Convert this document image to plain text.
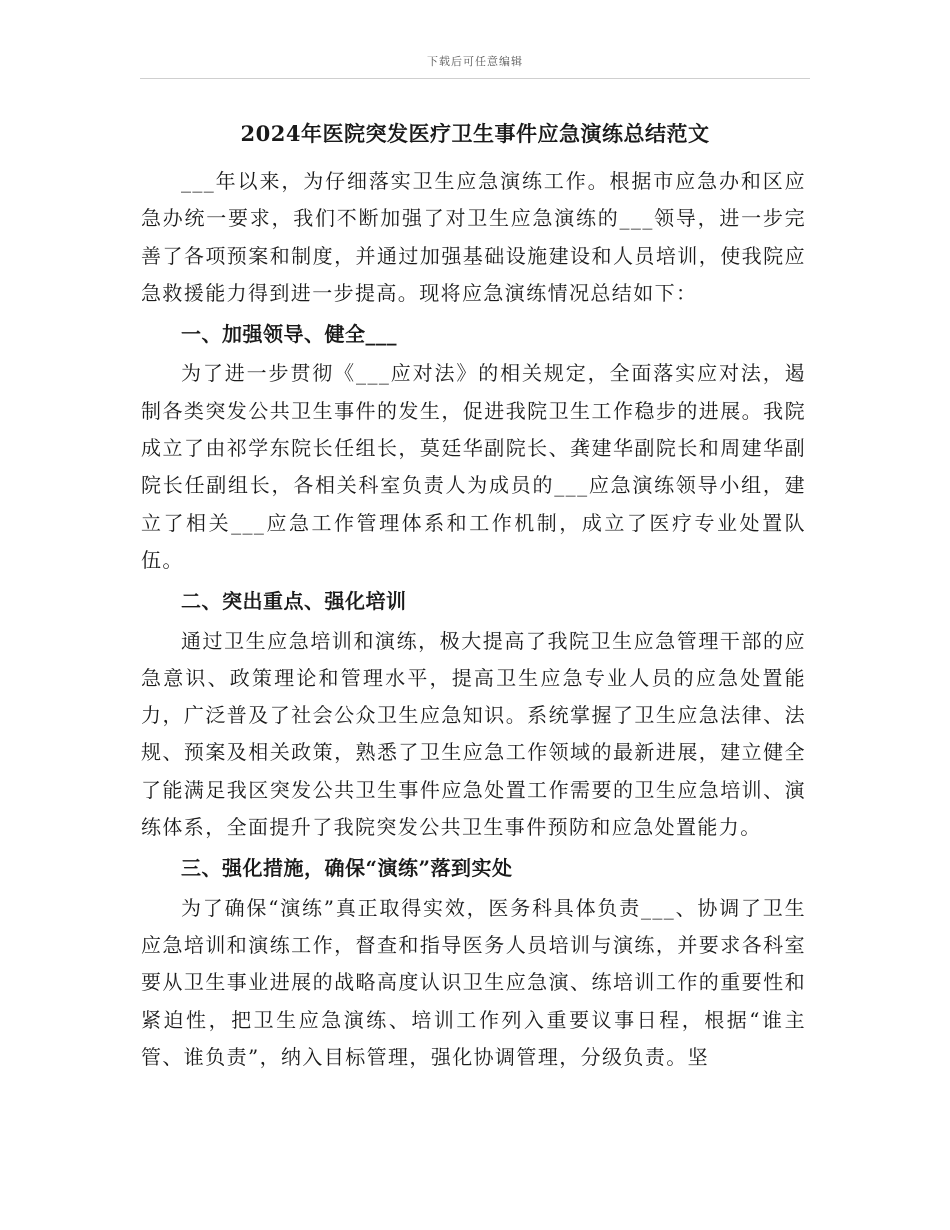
下载后可任意编辑
2024年医院突发医疗卫生事件应急演练总结范文

___年以来，为仔细落实卫生应急演练工作。根据市应急办和区应急办统一要求，我们不断加强了对卫生应急演练的___领导，进一步完善了各项预案和制度，并通过加强基础设施建设和人员培训，使我院应急救援能力得到进一步提高。现将应急演练情况总结如下：

一、加强领导、健全___

为了进一步贯彻《___应对法》的相关规定，全面落实应对法，遏制各类突发公共卫生事件的发生，促进我院卫生工作稳步的进展。我院成立了由祁学东院长任组长，莫廷华副院长、龚建华副院长和周建华副院长任副组长，各相关科室负责人为成员的___应急演练领导小组，建立了相关___应急工作管理体系和工作机制，成立了医疗专业处置队伍。

二、突出重点、强化培训

通过卫生应急培训和演练，极大提高了我院卫生应急管理干部的应急意识、政策理论和管理水平，提高卫生应急专业人员的应急处置能力，广泛普及了社会公众卫生应急知识。系统掌握了卫生应急法律、法规、预案及相关政策，熟悉了卫生应急工作领域的最新进展，建立健全了能满足我区突发公共卫生事件应急处置工作需要的卫生应急培训、演练体系，全面提升了我院突发公共卫生事件预防和应急处置能力。

三、强化措施，确保“演练”落到实处

为了确保“演练”真正取得实效，医务科具体负责___、协调了卫生应急培训和演练工作，督查和指导医务人员培训与演练，并要求各科室要从卫生事业进展的战略高度认识卫生应急演、练培训工作的重要性和紧迫性，把卫生应急演练、培训工作列入重要议事日程，根据“谁主管、谁负责”，纳入目标管理，强化协调管理，分级负责。坚
